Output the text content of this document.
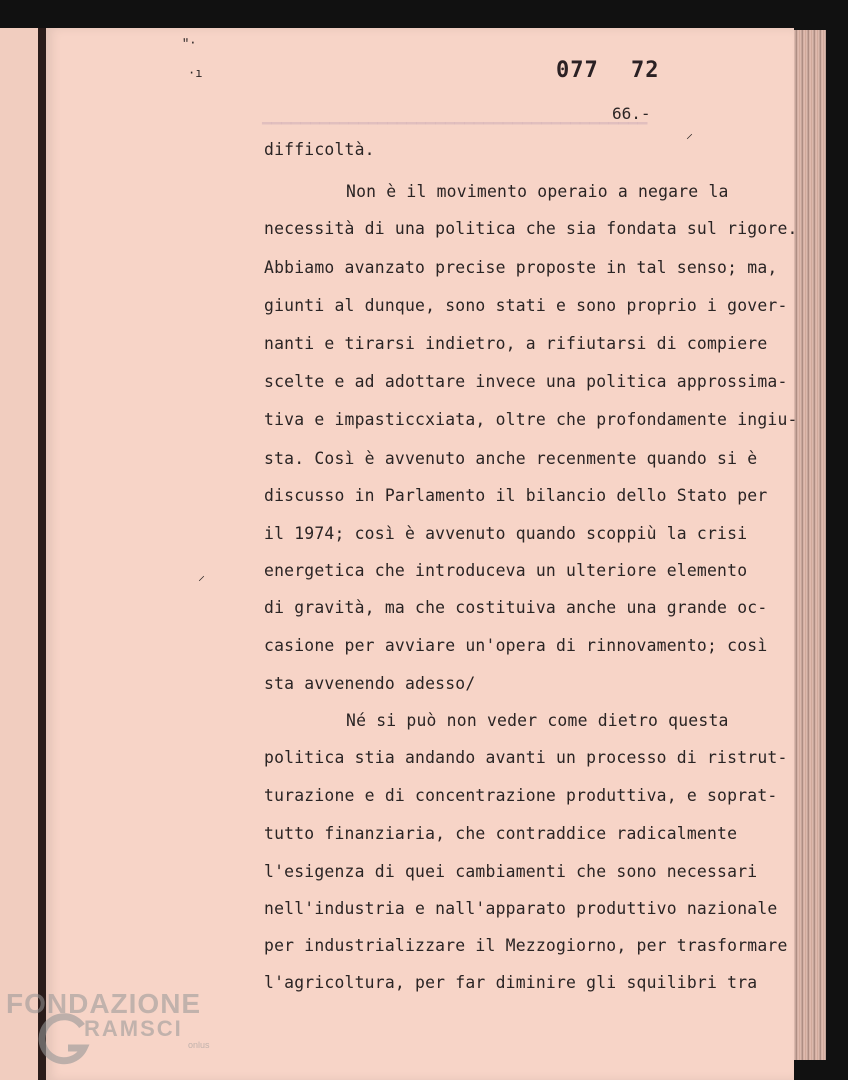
▔▔▔▔▔▔▔▔▔▔▔▔▔▔▔▔▔▔▔▔▔▔▔▔▔▔▔▔▔▔▔▔▔▔▔▔▔▔▔▔
077 72
66.-
ʺ·
·ı
⸝
⸝
difficoltà.
Non è il movimento operaio a negare la
necessità di una politica che sia fondata sul rigore.
Abbiamo avanzato precise proposte in tal senso; ma,
giunti al dunque, sono stati e sono proprio i gover-
nanti e tirarsi indietro, a rifiutarsi di compiere
scelte e ad adottare invece una politica approssima-
tiva e impasticcxiata, oltre che profondamente ingiu-
sta. Così è avvenuto anche recenmente quando si è
discusso in Parlamento il bilancio dello Stato per
il 1974; così è avvenuto quando scoppiù la crisi
energetica che introduceva un ulteriore elemento
di gravità, ma che costituiva anche una grande oc-
casione per avviare un'opera di rinnovamento; così
sta avvenendo adesso/
Né si può non veder come dietro questa
politica stia andando avanti un processo di ristrut-
turazione e di concentrazione produttiva, e soprat-
tutto finanziaria, che contraddice radicalmente
l'esigenza di quei cambiamenti che sono necessari
nell'industria e nall'apparato produttivo nazionale
per industrializzare il Mezzogiorno, per trasformare
l'agricoltura, per far diminire gli squilibri tra
FONDAZIONE
RAMSCI
onlus
